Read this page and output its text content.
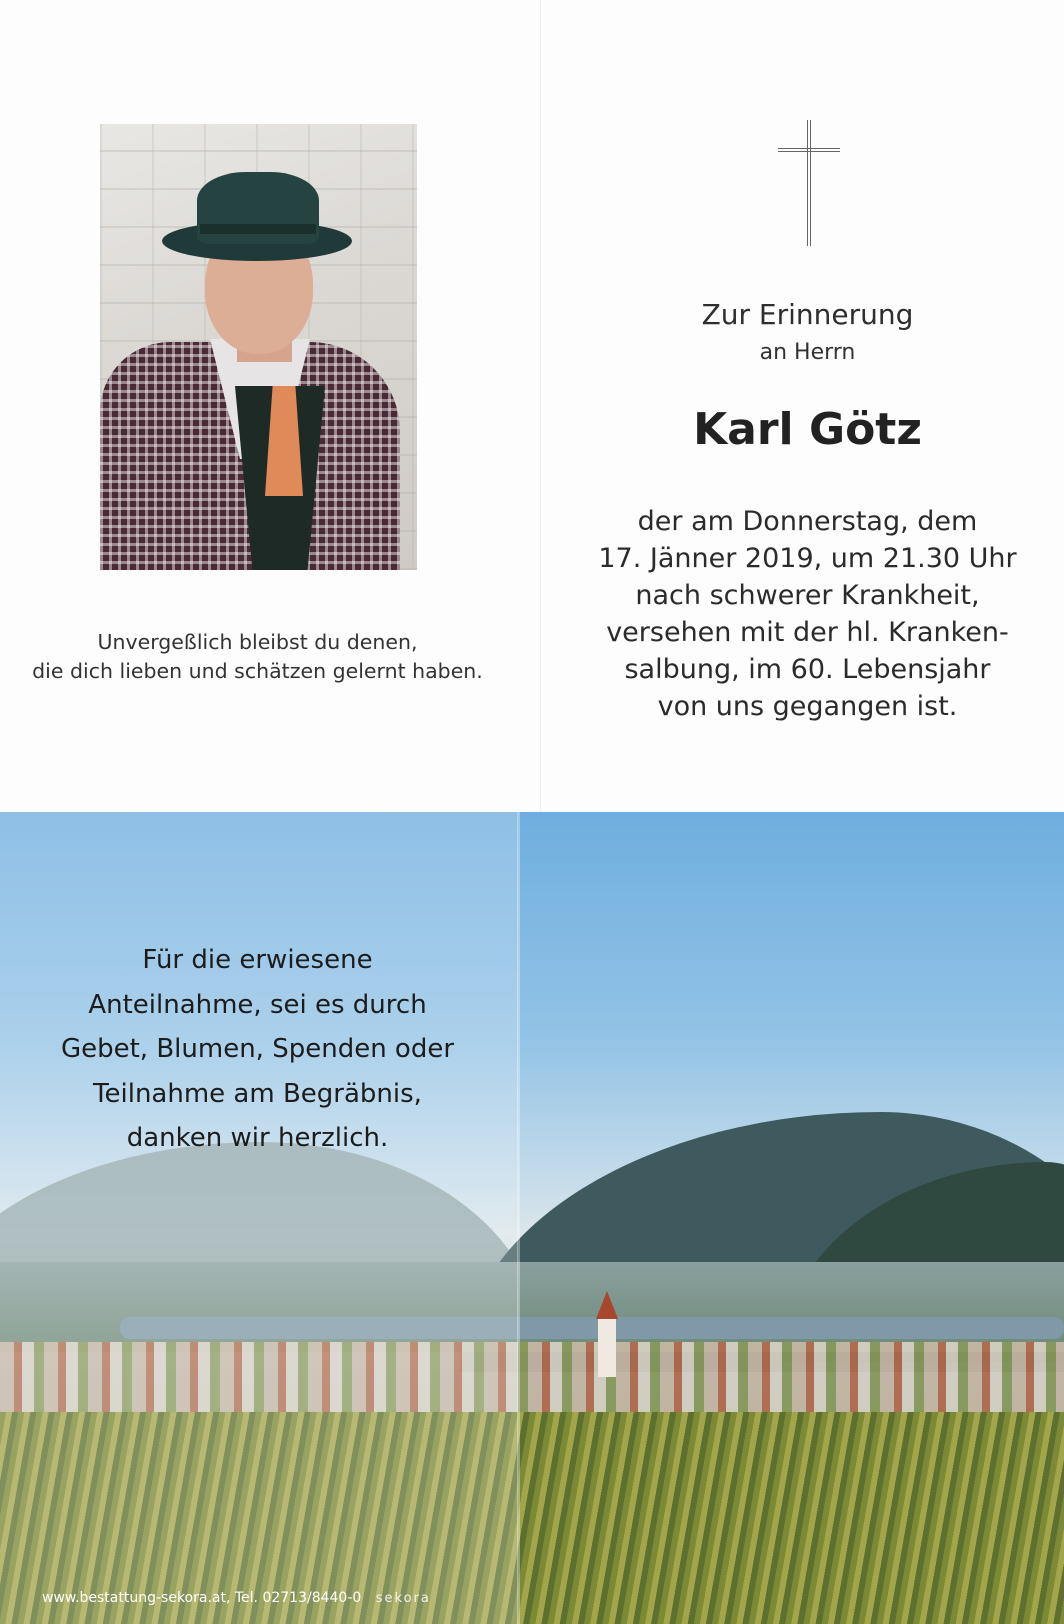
Zur Erinnerung
an Herrn
Karl Götz
der am Donnerstag, dem
17. Jänner 2019, um 21.30 Uhr
nach schwerer Krankheit,
versehen mit der hl. Kranken-
salbung, im 60. Lebensjahr
von uns gegangen ist.
Unvergeßlich bleibst du denen,
die dich lieben und schätzen gelernt haben.
Für die erwiesene
Anteilnahme, sei es durch
Gebet, Blumen, Spenden oder
Teilnahme am Begräbnis,
danken wir herzlich.
www.bestattung-sekora.at, Tel. 02713/8440-0 sekora
